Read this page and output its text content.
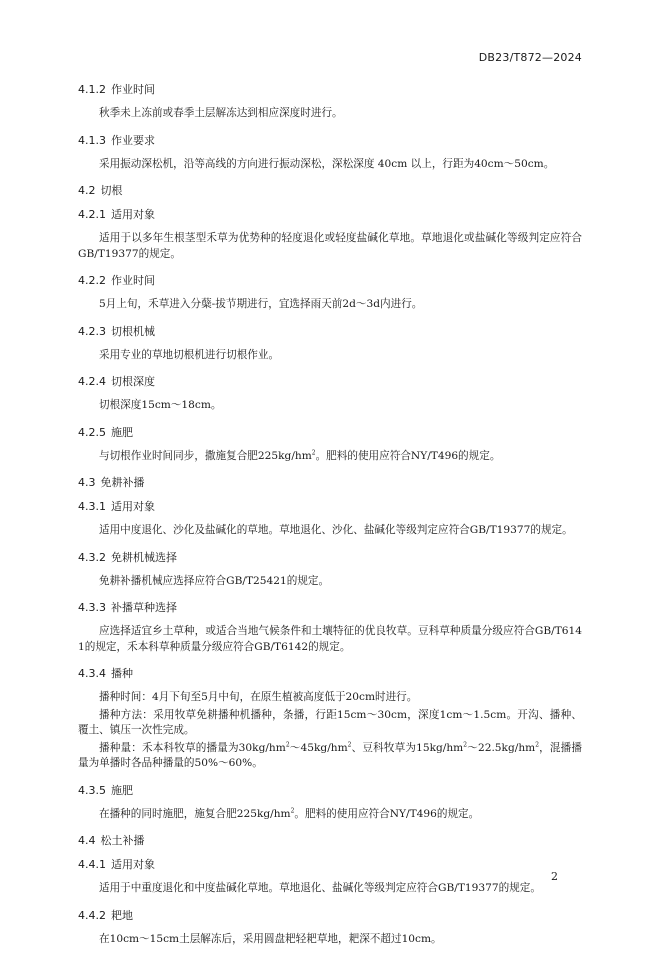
DB23/T872—2024
4.1.2 作业时间

秋季未上冻前或春季土层解冻达到相应深度时进行。

4.1.3 作业要求

采用振动深松机，沿等高线的方向进行振动深松，深松深度 40cm 以上，行距为40cm～50cm。

4.2 切根
4.2.1 适用对象

适用于以多年生根茎型禾草为优势种的轻度退化或轻度盐碱化草地。草地退化或盐碱化等级判定应符合GB/T19377的规定。

4.2.2 作业时间

5月上旬，禾草进入分蘖-拔节期进行，宜选择雨天前2d～3d内进行。

4.2.3 切根机械

采用专业的草地切根机进行切根作业。

4.2.4 切根深度

切根深度15cm～18cm。

4.2.5 施肥

与切根作业时间同步，撒施复合肥$225kg/hm^2$。肥料的使用应符合NY/T496的规定。

4.3 免耕补播
4.3.1 适用对象

适用中度退化、沙化及盐碱化的草地。草地退化、沙化、盐碱化等级判定应符合GB/T19377的规定。

4.3.2 免耕机械选择

免耕补播机械应选择应符合GB/T25421的规定。

4.3.3 补播草种选择

应选择适宜乡土草种，或适合当地气候条件和土壤特征的优良牧草。豆科草种质量分级应符合GB/T6141的规定，禾本科草种质量分级应符合GB/T6142的规定。

4.3.4 播种

播种时间：4月下旬至5月中旬，在原生植被高度低于20cm时进行。

播种方法：采用牧草免耕播种机播种，条播，行距15cm～30cm，深度1cm～1.5cm。开沟、播种、覆土、镇压一次性完成。

播种量：禾本科牧草的播量为$30kg/hm^2\sim 45kg/hm^2$、豆科牧草为$15kg/hm^2\sim 22.5kg/hm^2$，混播播量为单播时各品种播量的50%～60%。

4.3.5 施肥

在播种的同时施肥，施复合肥$225kg/hm^2$。肥料的使用应符合NY/T496的规定。

4.4 松土补播
4.4.1 适用对象

适用于中重度退化和中度盐碱化草地。草地退化、盐碱化等级判定应符合GB/T19377的规定。

4.4.2 耙地

在10cm～15cm土层解冻后，采用圆盘耙轻耙草地，耙深不超过10cm。

2
